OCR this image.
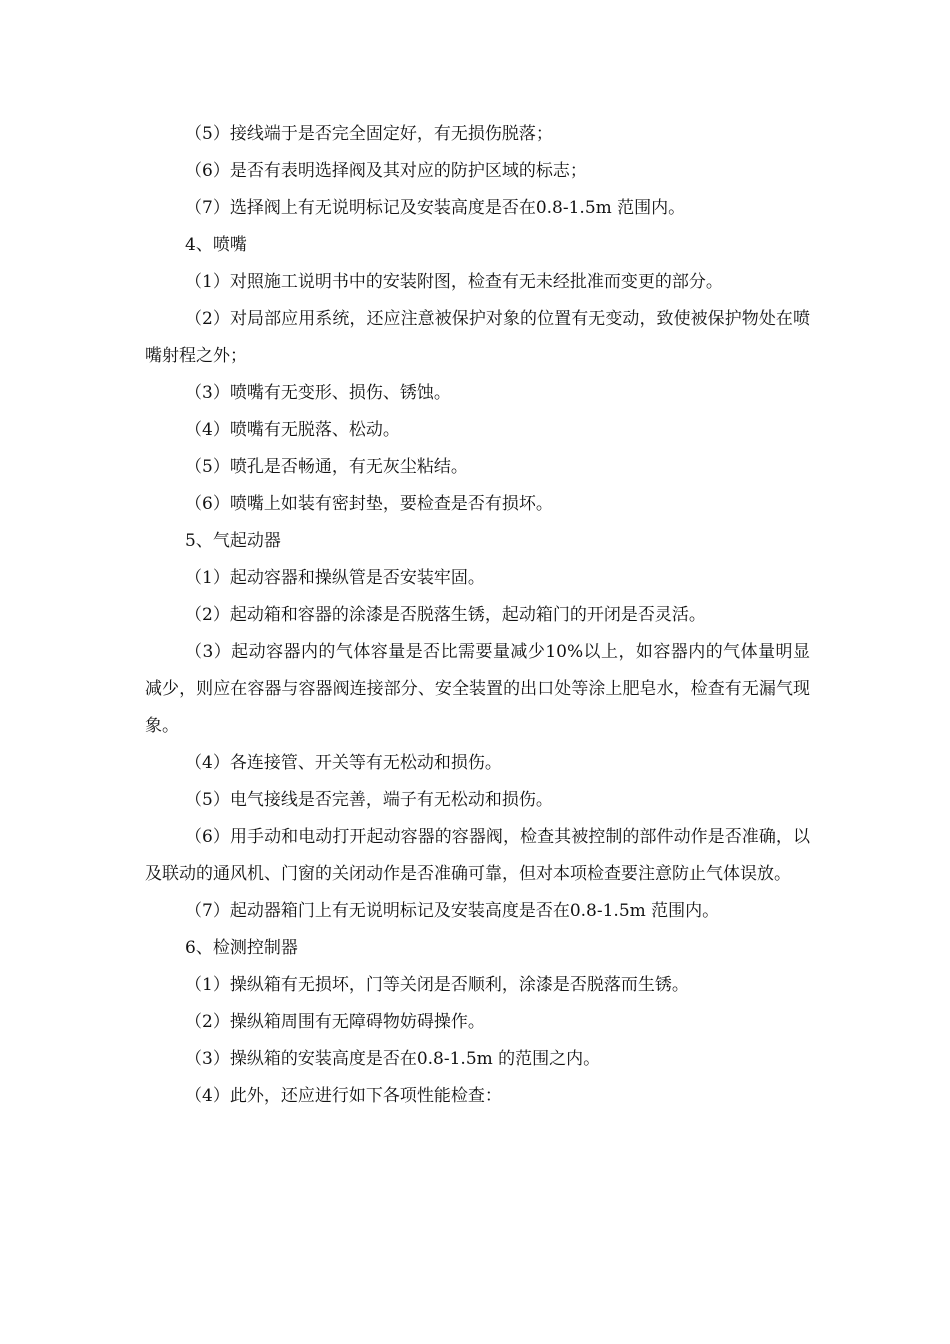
（5）接线端于是否完全固定好，有无损伤脱落；

（6）是否有表明选择阀及其对应的防护区域的标志；

（7）选择阀上有无说明标记及安装高度是否在0.8-1.5m 范围内。

4、喷嘴

（1）对照施工说明书中的安装附图，检查有无未经批准而变更的部分。

（2）对局部应用系统，还应注意被保护对象的位置有无变动，致使被保护物处在喷嘴射程之外；

（3）喷嘴有无变形、损伤、锈蚀。

（4）喷嘴有无脱落、松动。

（5）喷孔是否畅通，有无灰尘粘结。

（6）喷嘴上如装有密封垫，要检查是否有损坏。

5、气起动器

（1）起动容器和操纵管是否安装牢固。

（2）起动箱和容器的涂漆是否脱落生锈，起动箱门的开闭是否灵活。

（3）起动容器内的气体容量是否比需要量减少10%以上，如容器内的气体量明显减少，则应在容器与容器阀连接部分、安全装置的出口处等涂上肥皂水，检查有无漏气现象。

（4）各连接管、开关等有无松动和损伤。

（5）电气接线是否完善，端子有无松动和损伤。

（6）用手动和电动打开起动容器的容器阀，检查其被控制的部件动作是否准确，以及联动的通风机、门窗的关闭动作是否准确可靠，但对本项检查要注意防止气体误放。

（7）起动器箱门上有无说明标记及安装高度是否在0.8-1.5m 范围内。

6、检测控制器

（1）操纵箱有无损坏，门等关闭是否顺利，涂漆是否脱落而生锈。

（2）操纵箱周围有无障碍物妨碍操作。

（3）操纵箱的安装高度是否在0.8-1.5m 的范围之内。

（4）此外，还应进行如下各项性能检查：
